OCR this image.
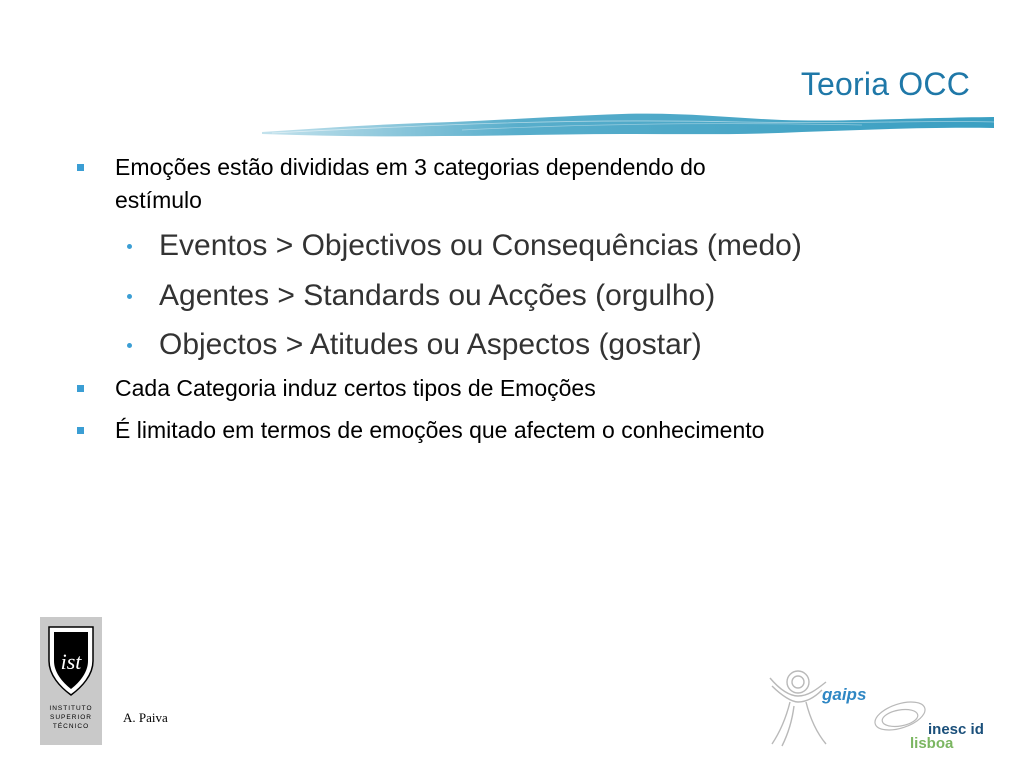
Teoria OCC
Emoções estão divididas em 3 categorias dependendo do
estímulo
Eventos > Objectivos ou Consequências (medo)
Agentes > Standards ou Acções (orgulho)
Objectos > Atitudes ou Aspectos (gostar)
Cada Categoria induz certos tipos de Emoções
É limitado em termos de emoções que afectem o conhecimento
ist
INSTITUTO
SUPERIOR
TÉCNICO
A. Paiva
gaips
inesc id
lisboa
